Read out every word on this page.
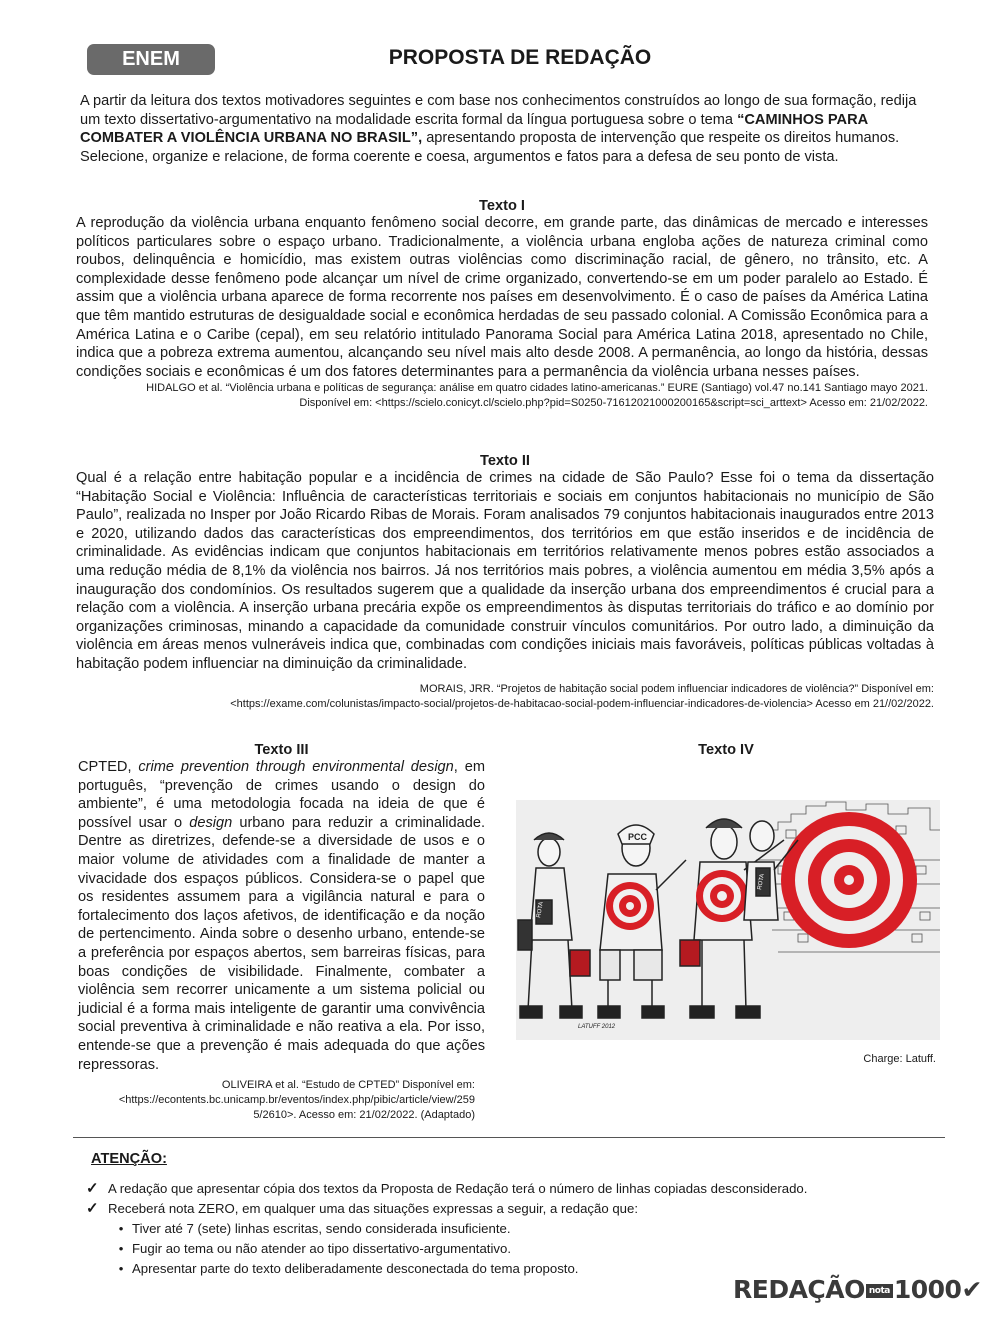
ENEM	PROPOSTA DE REDAÇÃO
A partir da leitura dos textos motivadores seguintes e com base nos conhecimentos construídos ao longo de sua formação, redija um texto dissertativo-argumentativo na modalidade escrita formal da língua portuguesa sobre o tema “CAMINHOS PARA COMBATER A VIOLÊNCIA URBANA NO BRASIL”, apresentando proposta de intervenção que respeite os direitos humanos. Selecione, organize e relacione, de forma coerente e coesa, argumentos e fatos para a defesa de seu ponto de vista.
Texto I
A reprodução da violência urbana enquanto fenômeno social decorre, em grande parte, das dinâmicas de mercado e interesses políticos particulares sobre o espaço urbano. Tradicionalmente, a violência urbana engloba ações de natureza criminal como roubos, delinquência e homicídio, mas existem outras violências como discriminação racial, de gênero, no trânsito, etc. A complexidade desse fenômeno pode alcançar um nível de crime organizado, convertendo-se em um poder paralelo ao Estado. É assim que a violência urbana aparece de forma recorrente nos países em desenvolvimento. É o caso de países da América Latina que têm mantido estruturas de desigualdade social e econômica herdadas de seu passado colonial. A Comissão Econômica para a América Latina e o Caribe (cepal), em seu relatório intitulado Panorama Social para América Latina 2018, apresentado no Chile, indica que a pobreza extrema aumentou, alcançando seu nível mais alto desde 2008. A permanência, ao longo da história, dessas condições sociais e econômicas é um dos fatores determinantes para a permanência da violência urbana nesses países.
HIDALGO et al. “Violência urbana e políticas de segurança: análise em quatro cidades latino-americanas.” EURE (Santiago) vol.47 no.141 Santiago mayo 2021.
Disponível em: <https://scielo.conicyt.cl/scielo.php?pid=S0250-71612021000200165&script=sci_arttext> Acesso em: 21/02/2022.
Texto II
Qual é a relação entre habitação popular e a incidência de crimes na cidade de São Paulo? Esse foi o tema da dissertação “Habitação Social e Violência: Influência de características territoriais e sociais em conjuntos habitacionais no município de São Paulo”, realizada no Insper por João Ricardo Ribas de Morais. Foram analisados 79 conjuntos habitacionais inaugurados entre 2013 e 2020, utilizando dados das características dos empreendimentos, dos territórios em que estão inseridos e de incidência de criminalidade. As evidências indicam que conjuntos habitacionais em territórios relativamente menos pobres estão associados a uma redução média de 8,1% da violência nos bairros. Já nos territórios mais pobres, a violência aumentou em média 3,5% após a inauguração dos condomínios. Os resultados sugerem que a qualidade da inserção urbana dos empreendimentos é crucial para a relação com a violência. A inserção urbana precária expõe os empreendimentos às disputas territoriais do tráfico e ao domínio por organizações criminosas, minando a capacidade da comunidade construir vínculos comunitários. Por outro lado, a diminuição da violência em áreas menos vulneráveis indica que, combinadas com condições iniciais mais favoráveis, políticas públicas voltadas à habitação podem influenciar na diminuição da criminalidade.
MORAIS, JRR. “Projetos de habitação social podem influenciar indicadores de violência?” Disponível em:
<https://exame.com/colunistas/impacto-social/projetos-de-habitacao-social-podem-influenciar-indicadores-de-violencia> Acesso em 21//02/2022.
Texto III
CPTED, crime prevention through environmental design, em português, “prevenção de crimes usando o design do ambiente”, é uma metodologia focada na ideia de que é possível usar o design urbano para reduzir a criminalidade. Dentre as diretrizes, defende-se a diversidade de usos e o maior volume de atividades com a finalidade de manter a vivacidade dos espaços públicos. Considera-se o papel que os residentes assumem para a vigilância natural e para o fortalecimento dos laços afetivos, de identificação e da noção de pertencimento. Ainda sobre o desenho urbano, entende-se a preferência por espaços abertos, sem barreiras físicas, para boas condições de visibilidade. Finalmente, combater a violência sem recorrer unicamente a um sistema policial ou judicial é a forma mais inteligente de garantir uma convivência social preventiva à criminalidade e não reativa a ela. Por isso, entende-se que a prevenção é mais adequada do que ações repressoras.
OLIVEIRA et al. “Estudo de CPTED” Disponível em:
<https://econtents.bc.unicamp.br/eventos/index.php/pibic/article/view/259
5/2610>. Acesso em: 21/02/2022. (Adaptado)
Texto IV
ROTA
PCC
ROTA
LATUFF 2012
Charge: Latuff.
ATENÇÃO:
✓ A redação que apresentar cópia dos textos da Proposta de Redação terá o número de linhas copiadas desconsiderado.
✓ Receberá nota ZERO, em qualquer uma das situações expressas a seguir, a redação que:
• Tiver até 7 (sete) linhas escritas, sendo considerada insuficiente.
• Fugir ao tema ou não atender ao tipo dissertativo-argumentativo.
• Apresentar parte do texto deliberadamente desconectada do tema proposto.
REDAÇÃO nota 1000✔
